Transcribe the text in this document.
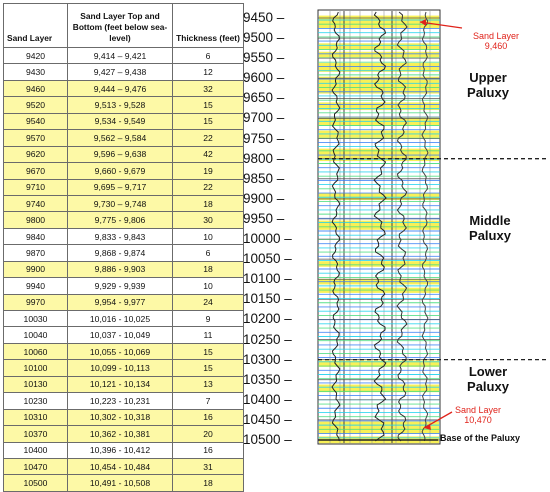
Sand Layer	Sand Layer Top and Bottom (feet below sea-level)	Thickness (feet)
9420	9,414 – 9,421	6
9430	9,427 – 9,438	12
9460	9,444 – 9,476	32
9520	9,513 - 9,528	15
9540	9,534 - 9,549	15
9570	9,562 – 9,584	22
9620	9,596 – 9,638	42
9670	9,660 - 9,679	19
9710	9,695 – 9,717	22
9740	9,730 – 9,748	18
9800	9,775 - 9,806	30
9840	9,833 - 9,843	10
9870	9,868 - 9,874	6
9900	9,886 - 9,903	18
9940	9,929 - 9,939	10
9970	9,954 - 9,977	24
10030	10,016 - 10,025	9
10040	10,037 - 10,049	11
10060	10,055 - 10,069	15
10100	10,099 - 10,113	15
10130	10,121 - 10,134	13
10230	10,223 - 10,231	7
10310	10,302 - 10,318	16
10370	10,362 - 10,381	20
10400	10,396 - 10,412	16
10470	10,454 - 10,484	31
10500	10,491 - 10,508	18
9450 –
9500 –
9550 –
9600 –
9650 –
9700 –
9750 –
9800 –
9850 –
9900 –
9950 –
10000 –
10050 –
10100 –
10150 –
10200 –
10250 –
10300 –
10350 –
10400 –
10450 –
10500 –
Upper
Paluxy
Middle
Paluxy
Lower
Paluxy
Sand Layer
9,460
Sand Layer
10,470
Base of the Paluxy
